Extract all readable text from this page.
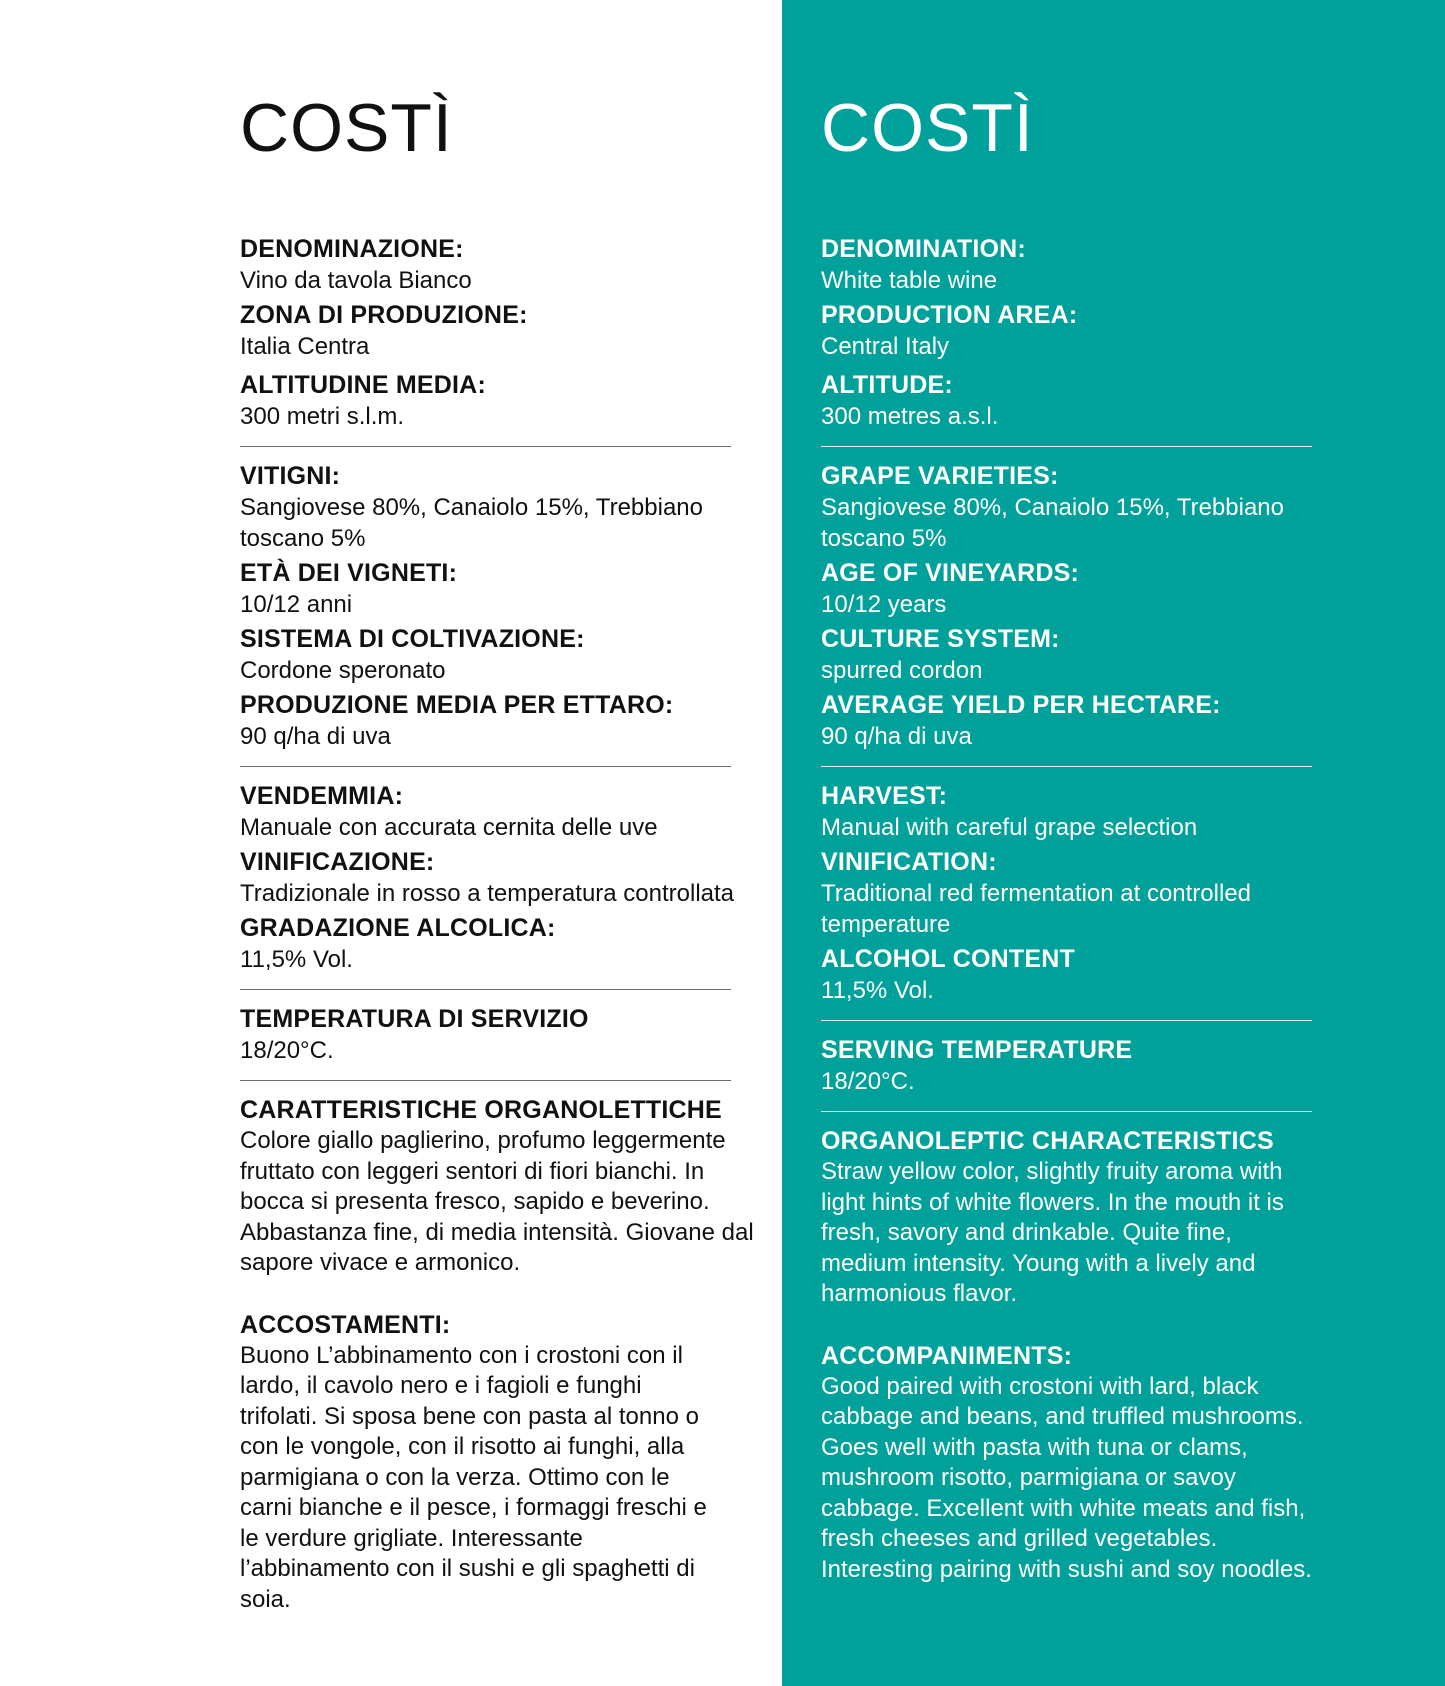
COSTÌ
DENOMINAZIONE:
Vino da tavola Bianco
ZONA DI PRODUZIONE:
Italia Centra
ALTITUDINE MEDIA:
300 metri s.l.m.
VITIGNI:
Sangiovese 80%, Canaiolo 15%, Trebbiano toscano 5%
ETÀ DEI VIGNETI:
10/12 anni
SISTEMA DI COLTIVAZIONE:
Cordone speronato
PRODUZIONE MEDIA PER ETTARO:
90 q/ha di uva
VENDEMMIA:
Manuale con accurata cernita delle uve
VINIFICAZIONE:
Tradizionale in rosso a temperatura controllata
GRADAZIONE ALCOLICA:
11,5% Vol.
TEMPERATURA DI SERVIZIO
18/20°C.
CARATTERISTICHE ORGANOLETTICHE
Colore giallo paglierino, profumo leggermente fruttato con leggeri sentori di fiori bianchi. In bocca si presenta fresco, sapido e beverino. Abbastanza fine, di media intensità. Giovane dal sapore vivace e armonico.
ACCOSTAMENTI:
Buono L’abbinamento con i crostoni con il lardo, il cavolo nero e i fagioli e funghi trifolati. Si sposa bene con pasta al tonno o con le vongole, con il risotto ai funghi, alla parmigiana o con la verza. Ottimo con le carni bianche e il pesce, i formaggi freschi e le verdure grigliate. Interessante l’abbinamento con il sushi e gli spaghetti di soia.
COSTÌ
DENOMINATION:
White table wine
PRODUCTION AREA:
Central Italy
ALTITUDE:
300 metres a.s.l.
GRAPE VARIETIES:
Sangiovese 80%, Canaiolo 15%, Trebbiano toscano 5%
AGE OF VINEYARDS:
10/12 years
CULTURE SYSTEM:
spurred cordon
AVERAGE YIELD PER HECTARE:
90 q/ha di uva
HARVEST:
Manual with careful grape selection
VINIFICATION:
Traditional red fermentation at controlled temperature
ALCOHOL CONTENT
11,5% Vol.
SERVING TEMPERATURE
18/20°C.
ORGANOLEPTIC CHARACTERISTICS
Straw yellow color, slightly fruity aroma with light hints of white flowers. In the mouth it is fresh, savory and drinkable. Quite fine, medium intensity. Young with a lively and harmonious flavor.
ACCOMPANIMENTS:
Good paired with crostoni with lard, black cabbage and beans, and truffled mushrooms. Goes well with pasta with tuna or clams, mushroom risotto, parmigiana or savoy cabbage. Excellent with white meats and fish, fresh cheeses and grilled vegetables. Interesting pairing with sushi and soy noodles.
